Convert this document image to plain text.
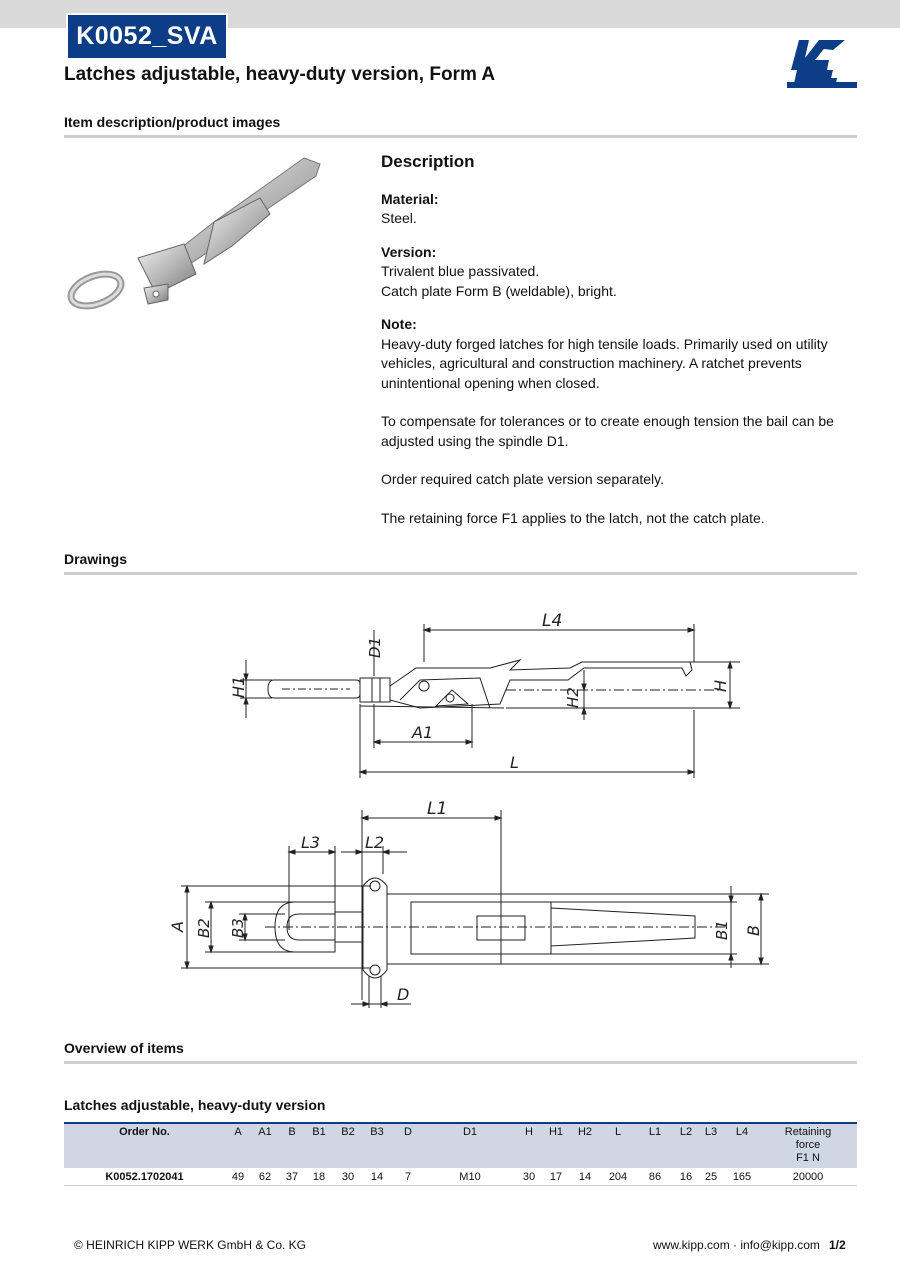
K0052_SVA
Latches adjustable, heavy-duty version, Form A
Item description/product images
Description

Material:

Steel.

Version:

Trivalent blue passivated.

Catch plate Form B (weldable), bright.

Note:

Heavy-duty forged latches for high tensile loads. Primarily used on utility vehicles, agricultural and construction machinery. A ratchet prevents unintentional opening when closed.

To compensate for tolerances or to create enough tension the bail can be adjusted using the spindle D1.

Order required catch plate version separately.

The retaining force F1 applies to the latch, not the catch plate.

Drawings
L4
D1
H1	H2
H
A1
L
L1
L3	L2
A B2 B3	B1 B
D
Overview of items
Latches adjustable, heavy-duty version
Order No.	A	A1	B	B1	B2	B3	D	D1	H	H1	H2	L	L1	L2	L3	L4	Retaining
force
F1 N

K0052.1702041	49	62	37	18	30	14	7	M10	30	17	14	204	86	16	25	165	20000
© HEINRICH KIPP WERK GmbH & Co. KG	www.kipp.com · info@kipp.com 1/2
